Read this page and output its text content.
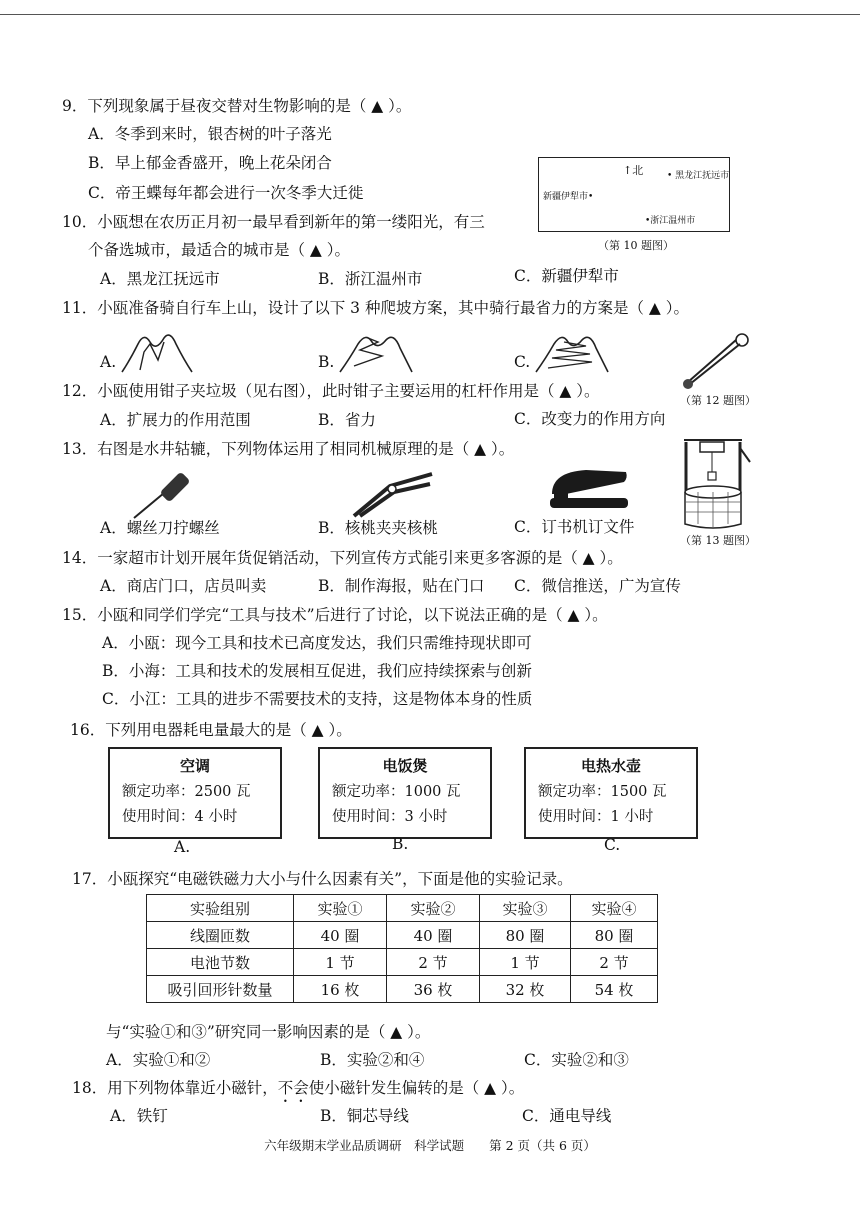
9．下列现象属于昼夜交替对生物影响的是（ ▲ ）。
A．冬季到来时，银杏树的叶子落光
B．早上郁金香盛开，晚上花朵闭合
C．帝王蝶每年都会进行一次冬季大迁徙
↑北	• 黑龙江抚远市
新疆伊犁市•
•浙江温州市
（第 10 题图）
10．小瓯想在农历正月初一最早看到新年的第一缕阳光，有三
个备选城市，最适合的城市是（ ▲ ）。
A．黑龙江抚远市	B．浙江温州市	C．新疆伊犁市
11．小瓯准备骑自行车上山，设计了以下 3 种爬坡方案，其中骑行最省力的方案是（ ▲ ）。
A.	B.	C.
（第 12 题图）
12．小瓯使用钳子夹垃圾（见右图），此时钳子主要运用的杠杆作用是（ ▲ ）。
A．扩展力的作用范围	B．省力	C．改变力的作用方向
13．右图是水井轱辘，下列物体运用了相同机械原理的是（ ▲ ）。
A．螺丝刀拧螺丝	B．核桃夹夹核桃	C．订书机订文件
（第 13 题图）
14．一家超市计划开展年货促销活动，下列宣传方式能引来更多客源的是（ ▲ ）。
A．商店门口，店员叫卖	B．制作海报，贴在门口 C．微信推送，广为宣传
15．小瓯和同学们学完“工具与技术”后进行了讨论，以下说法正确的是（ ▲ ）。
A．小瓯：现今工具和技术已高度发达，我们只需维持现状即可
B．小海：工具和技术的发展相互促进，我们应持续探索与创新
C．小江：工具的进步不需要技术的支持，这是物体本身的性质
16．下列用电器耗电量最大的是（ ▲ ）。
空调
额定功率：2500 瓦
使用时间：4 小时
A.
电饭煲
额定功率：1000 瓦
使用时间：3 小时
B.
电热水壶
额定功率：1500 瓦
使用时间：1 小时
C.
17．小瓯探究“电磁铁磁力大小与什么因素有关”，下面是他的实验记录。
实验组别	实验①	实验②	实验③	实验④
线圈匝数	40 圈	40 圈	80 圈	80 圈
电池节数	1 节	2 节	1 节	2 节
吸引回形针数量	16 枚	36 枚	32 枚	54 枚
与“实验①和③”研究同一影响因素的是（ ▲ ）。
A．实验①和②	B．实验②和④	C．实验②和③
18．用下列物体靠近小磁针，不会使小磁针发生偏转的是（ ▲ ）。
A．铁钉	B．铜芯导线	C．通电导线
六年级期末学业品质调研　科学试题　　第 2 页（共 6 页）
